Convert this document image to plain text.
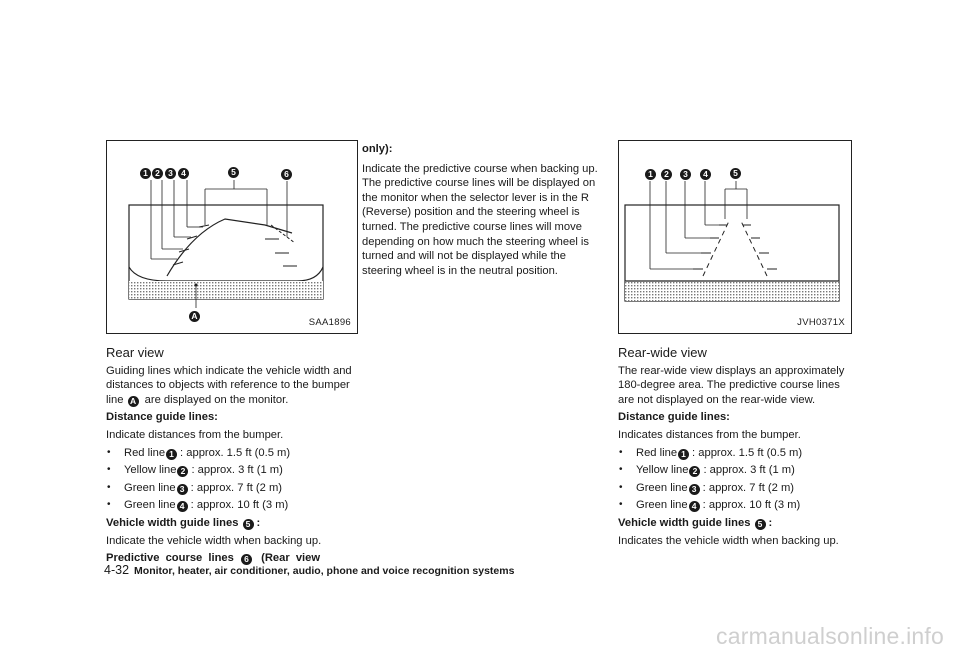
1 2 3 4	5	6
A
SAA1896
Rear view

Guiding lines which indicate the vehicle width and distances to objects with reference to the bumper line A are displayed on the monitor.

Distance guide lines:

Indicate distances from the bumper.

• Red line 1 : approx. 1.5 ft (0.5 m)
• Yellow line 2 : approx. 3 ft (1 m)
• Green line 3 : approx. 7 ft (2 m)
• Green line 4 : approx. 10 ft (3 m)

Vehicle width guide lines 5 :

Indicate the vehicle width when backing up.

Predictive course lines 6 (Rear view

only):

Indicate the predictive course when backing up. The predictive course lines will be displayed on the monitor when the selector lever is in the R (Reverse) position and the steering wheel is turned. The predictive course lines will move depending on how much the steering wheel is turned and will not be displayed while the steering wheel is in the neutral position.

1	2	3	4	5
JVH0371X
Rear-wide view

The rear-wide view displays an approximately 180-degree area. The predictive course lines are not displayed on the rear-wide view.

Distance guide lines:

Indicates distances from the bumper.

• Red line 1 : approx. 1.5 ft (0.5 m)
• Yellow line 2 : approx. 3 ft (1 m)
• Green line 3 : approx. 7 ft (2 m)
• Green line 4 : approx. 10 ft (3 m)

Vehicle width guide lines 5 :

Indicates the vehicle width when backing up.

4-32 Monitor, heater, air conditioner, audio, phone and voice recognition systems
carmanualsonline.info
